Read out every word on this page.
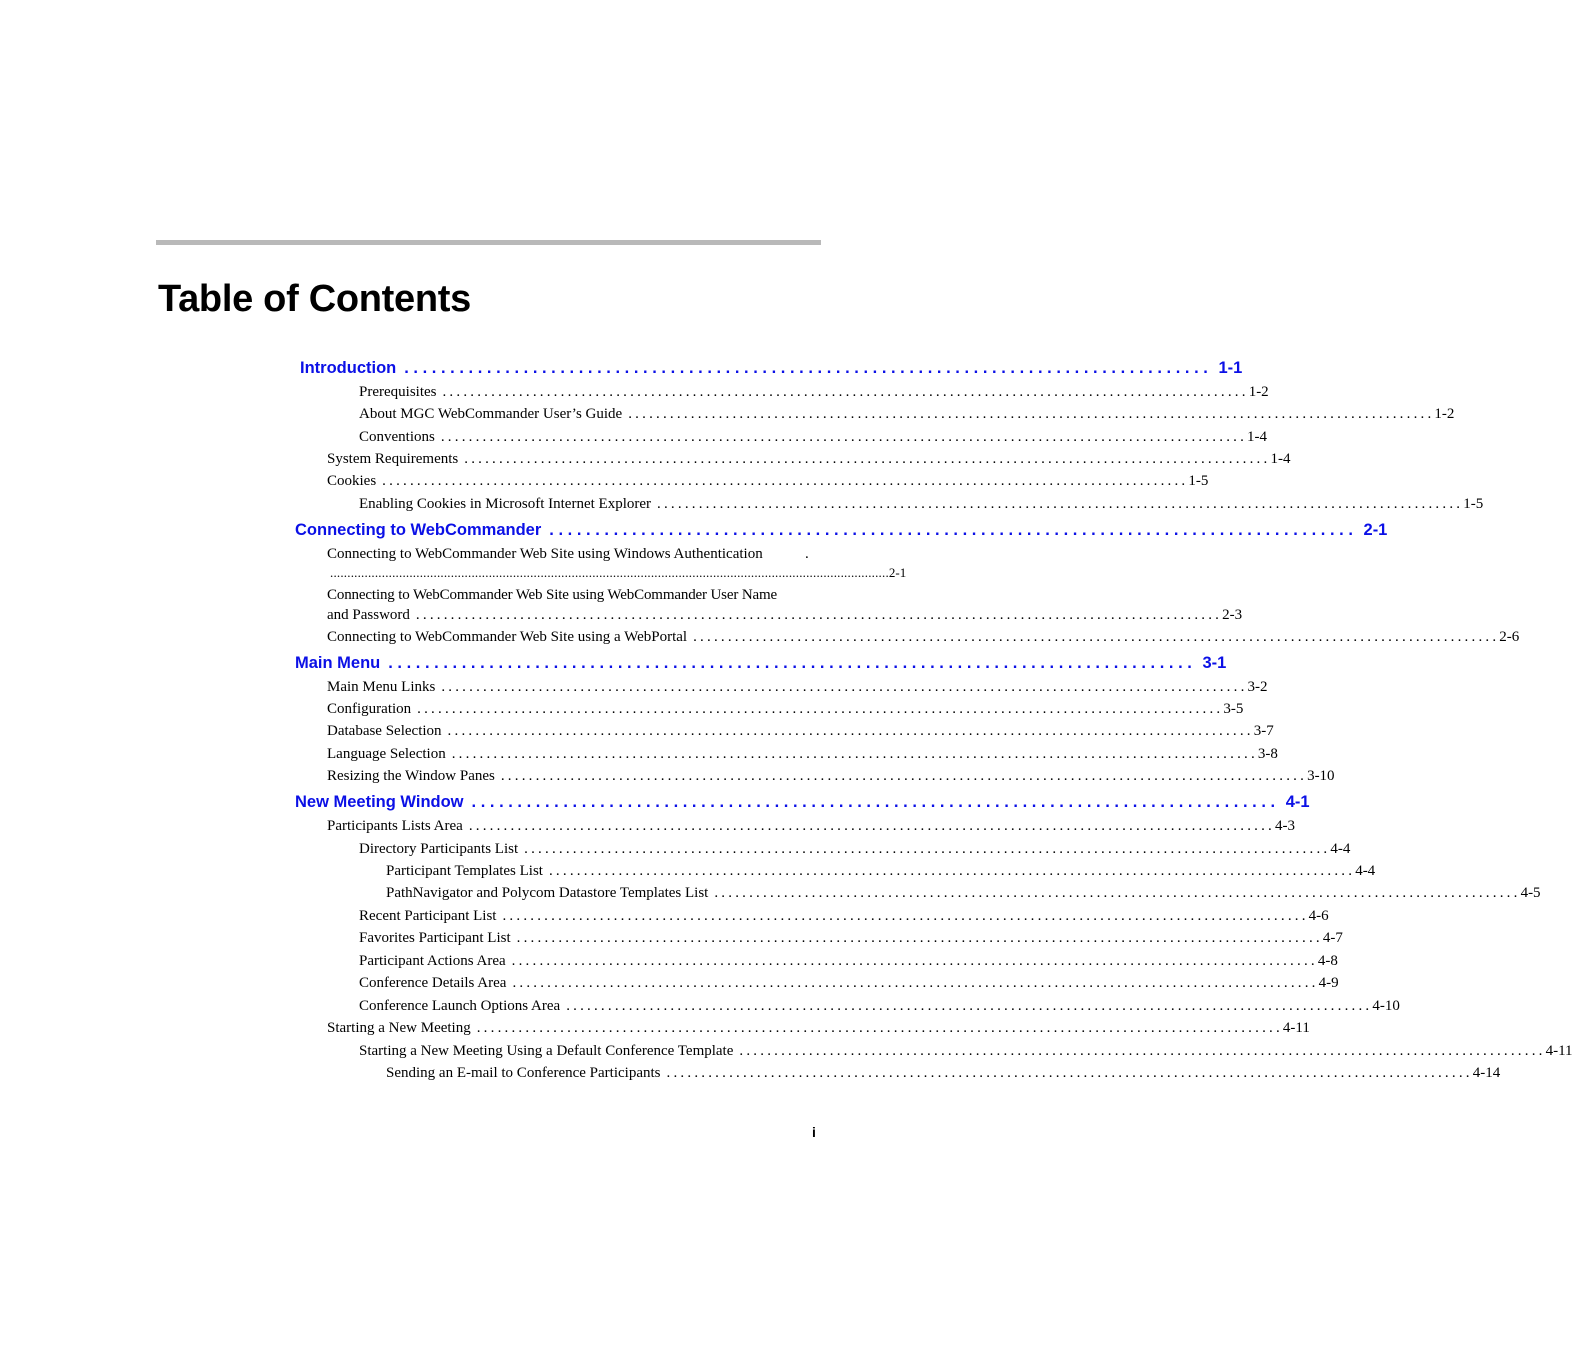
Table of Contents
Introduction ........................................................................................ 1-1
Prerequisites .................................................................................................................... 1-2
About MGC WebCommander User’s Guide .................................................................................................................... 1-2
Conventions .................................................................................................................... 1-4
System Requirements .................................................................................................................... 1-4
Cookies .................................................................................................................... 1-5
Enabling Cookies in Microsoft Internet Explorer .................................................................................................................... 1-5
Connecting to WebCommander ........................................................................................ 2-1
Connecting to WebCommander Web Site using Windows Authentication	.
.................................................................................................................................................................. 2-1
Connecting to WebCommander Web Site using WebCommander User Name
and Password .................................................................................................................... 2-3
Connecting to WebCommander Web Site using a WebPortal .................................................................................................................... 2-6
Main Menu ........................................................................................ 3-1
Main Menu Links .................................................................................................................... 3-2
Configuration .................................................................................................................... 3-5
Database Selection .................................................................................................................... 3-7
Language Selection .................................................................................................................... 3-8
Resizing the Window Panes .................................................................................................................... 3-10
New Meeting Window ........................................................................................ 4-1
Participants Lists Area .................................................................................................................... 4-3
Directory Participants List .................................................................................................................... 4-4
Participant Templates List .................................................................................................................... 4-4
PathNavigator and Polycom Datastore Templates List .................................................................................................................... 4-5
Recent Participant List .................................................................................................................... 4-6
Favorites Participant List .................................................................................................................... 4-7
Participant Actions Area .................................................................................................................... 4-8
Conference Details Area .................................................................................................................... 4-9
Conference Launch Options Area .................................................................................................................... 4-10
Starting a New Meeting .................................................................................................................... 4-11
Starting a New Meeting Using a Default Conference Template .................................................................................................................... 4-11
Sending an E-mail to Conference Participants .................................................................................................................... 4-14
i
